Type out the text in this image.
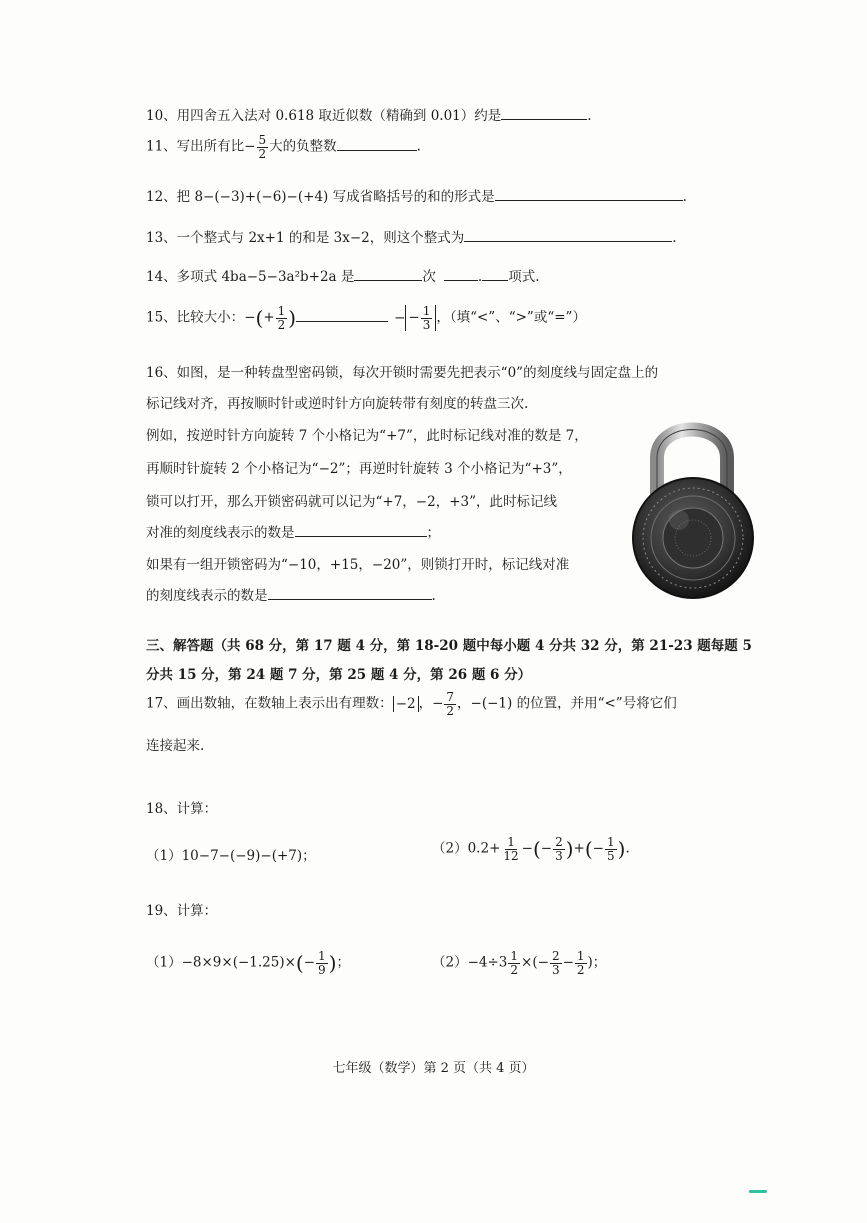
10、用四舍五入法对 0.618 取近似数（精确到 0.01）约是	.
11、写出所有比− $\frac{5}{2}$ 大的负整数	.
12、把 8−(−3)+(−6)−(+4) 写成省略括号的和的形式是	.
13、一个整式与 2x+1 的和是 3x−2，则这个整式为	.
14、多项式 4ba−5−3a²b+2a 是	次	. 项式.
15、比较大小：−(+ $\frac{1}{2}$ )	− − $\frac{1}{3}$ ，（填“<”、“>”或“=”）
16、如图，是一种转盘型密码锁，每次开锁时需要先把表示“0”的刻度线与固定盘上的
标记线对齐，再按顺时针或逆时针方向旋转带有刻度的转盘三次.
例如，按逆时针方向旋转 7 个小格记为“+7”，此时标记线对准的数是 7，
再顺时针旋转 2 个小格记为“−2”；再逆时针旋转 3 个小格记为“+3”，
锁可以打开，那么开锁密码就可以记为“+7，−2，+3”，此时标记线
对准的刻度线表示的数是	；
如果有一组开锁密码为“−10，+15，−20”，则锁打开时，标记线对准
的刻度线表示的数是	.
三、解答题（共 68 分，第 17 题 4 分，第 18-20 题中每小题 4 分共 32 分，第 21-23 题每题 5
分共 15 分，第 24 题 7 分，第 25 题 4 分，第 26 题 6 分）
17、画出数轴，在数轴上表示出有理数： −2 ，− $\frac{7}{2}$ ，−(−1) 的位置，并用“<”号将它们
连接起来.
18、计算：
（1）10−7−(−9)−(+7)；	$(2)0.2+ \frac{1}{12}$ −(− $\frac{2}{3}$ )+(− $\frac{1}{5}$ ).
19、计算：
$(1)-8\times 9\times(-1.25)\times(- \frac{1}{9}$ )；	$(2)-4\div 3 \frac{1}{2}$ ×(− $\frac{2}{3} - \frac{1}{2}$ )；
七年级（数学）第 2 页（共 4 页）
